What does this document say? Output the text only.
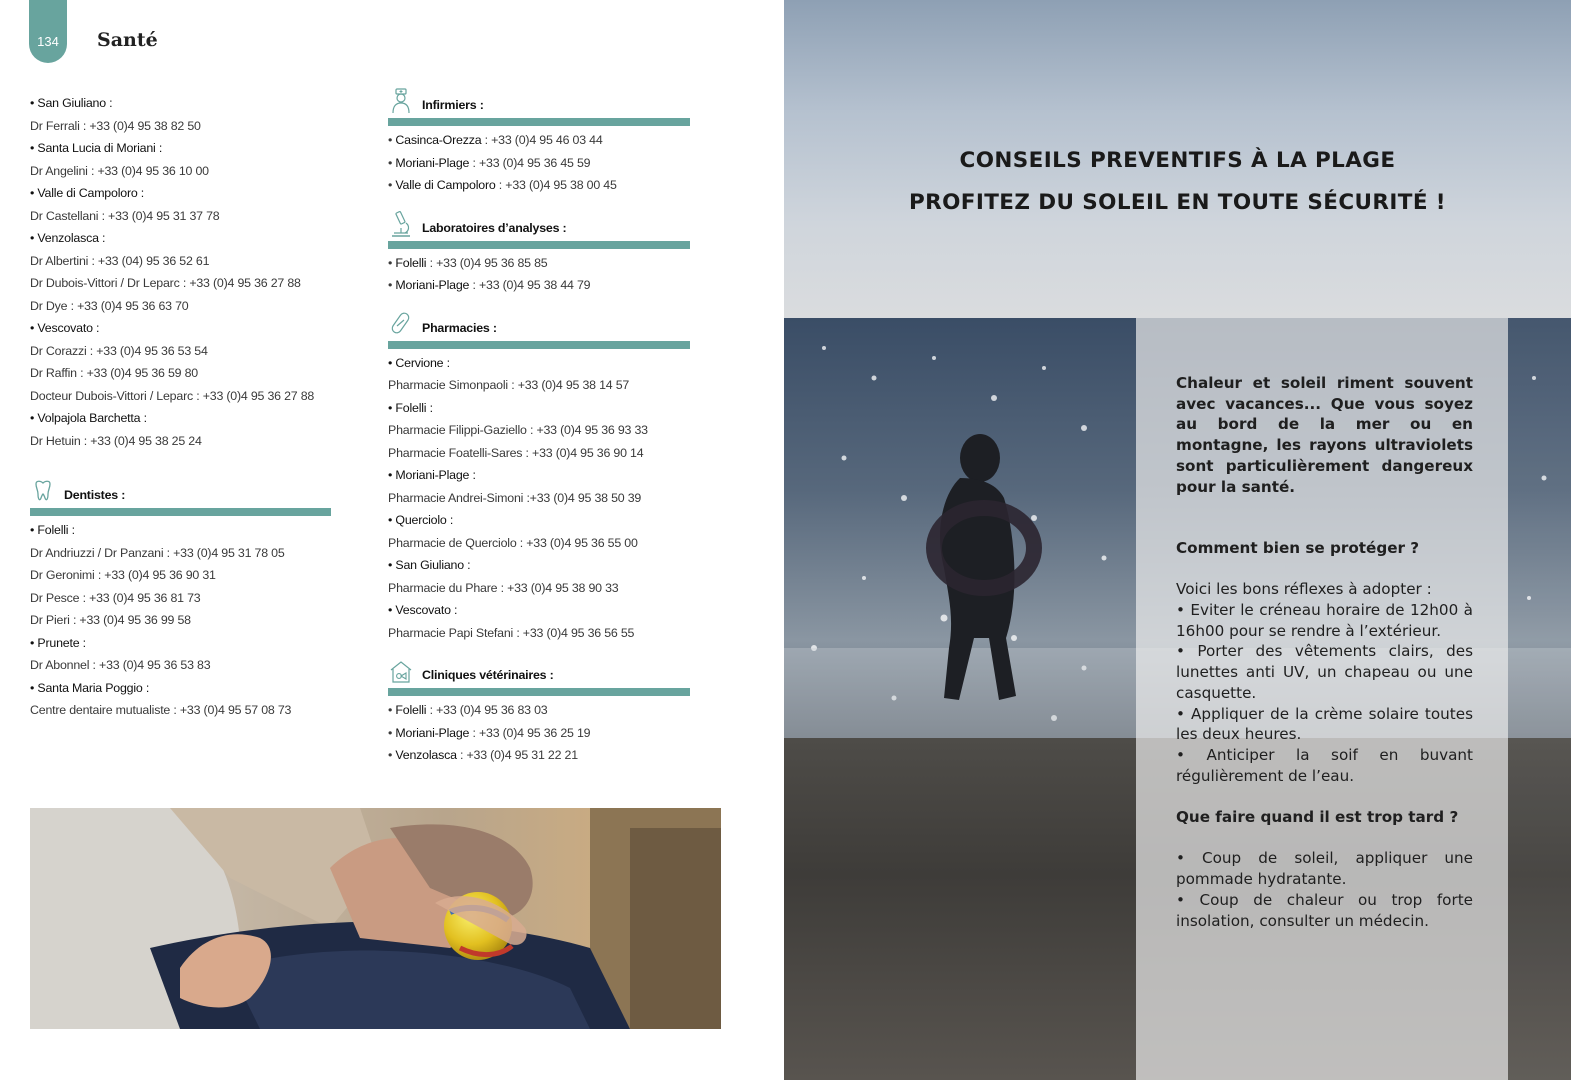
134	Santé
• San Giuliano :
Dr Ferrali : +33 (0)4 95 38 82 50
• Santa Lucia di Moriani :
Dr Angelini : +33 (0)4 95 36 10 00
• Valle di Campoloro :
Dr Castellani : +33 (0)4 95 31 37 78
• Venzolasca :
Dr Albertini : +33 (04) 95 36 52 61
Dr Dubois-Vittori / Dr Leparc : +33 (0)4 95 36 27 88
Dr Dye : +33 (0)4 95 36 63 70
• Vescovato :
Dr Corazzi : +33 (0)4 95 36 53 54
Dr Raffin : +33 (0)4 95 36 59 80
Docteur Dubois-Vittori / Leparc : +33 (0)4 95 36 27 88
• Volpajola Barchetta :
Dr Hetuin : +33 (0)4 95 38 25 24
Dentistes :
• Folelli :
Dr Andriuzzi / Dr Panzani : +33 (0)4 95 31 78 05
Dr Geronimi : +33 (0)4 95 36 90 31
Dr Pesce : +33 (0)4 95 36 81 73
Dr Pieri : +33 (0)4 95 36 99 58
• Prunete :
Dr Abonnel : +33 (0)4 95 36 53 83
• Santa Maria Poggio :
Centre dentaire mutualiste : +33 (0)4 95 57 08 73
Infirmiers :
• Casinca-Orezza : +33 (0)4 95 46 03 44
• Moriani-Plage : +33 (0)4 95 36 45 59
• Valle di Campoloro : +33 (0)4 95 38 00 45
Laboratoires d’analyses :
• Folelli : +33 (0)4 95 36 85 85
• Moriani-Plage : +33 (0)4 95 38 44 79
Pharmacies :
• Cervione :
Pharmacie Simonpaoli : +33 (0)4 95 38 14 57
• Folelli :
Pharmacie Filippi-Gaziello : +33 (0)4 95 36 93 33
Pharmacie Foatelli-Sares : +33 (0)4 95 36 90 14
• Moriani-Plage :
Pharmacie Andrei-Simoni :+33 (0)4 95 38 50 39
• Querciolo :
Pharmacie de Querciolo : +33 (0)4 95 36 55 00
• San Giuliano :
Pharmacie du Phare : +33 (0)4 95 38 90 33
• Vescovato :
Pharmacie Papi Stefani : +33 (0)4 95 36 56 55
Cliniques vétérinaires :
• Folelli : +33 (0)4 95 36 83 03
• Moriani-Plage : +33 (0)4 95 36 25 19
• Venzolasca : +33 (0)4 95 31 22 21
CONSEILS PREVENTIFS À LA PLAGE
PROFITEZ DU SOLEIL EN TOUTE SÉCURITÉ !

Chaleur et soleil riment souvent avec vacances... Que vous soyez au bord de la mer ou en montagne, les rayons ultraviolets sont particulièrement dangereux pour la santé.

Comment bien se protéger ?

Voici les bons réflexes à adopter :

• Eviter le créneau horaire de 12h00 à 16h00 pour se rendre à l’extérieur.

• Porter des vêtements clairs, des lunettes anti UV, un chapeau ou une casquette.

• Appliquer de la crème solaire toutes les deux heures.

• Anticiper la soif en buvant régulièrement de l’eau.

Que faire quand il est trop tard ?

• Coup de soleil, appliquer une pommade hydratante.

• Coup de chaleur ou trop forte insolation, consulter un médecin.
